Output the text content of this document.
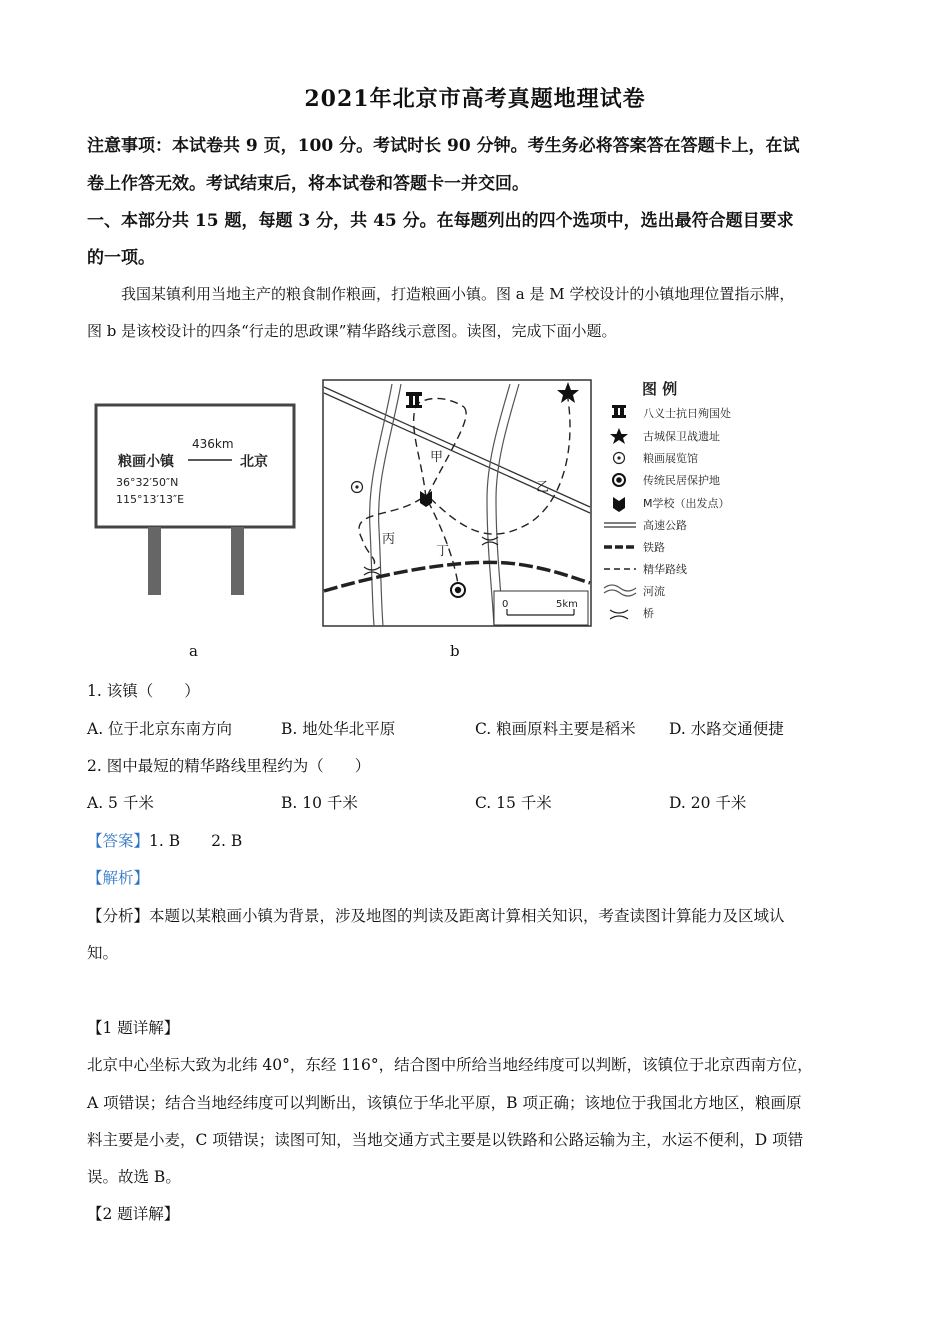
2021年北京市高考真题地理试卷
注意事项：本试卷共 9 页，100 分。考试时长 90 分钟。考生务必将答案答在答题卡上，在试
卷上作答无效。考试结束后，将本试卷和答题卡一并交回。
一、本部分共 15 题，每题 3 分，共 45 分。在每题列出的四个选项中，选出最符合题目要求
的一项。
我国某镇利用当地主产的粮食制作粮画，打造粮画小镇。图 a 是 M 学校设计的小镇地理位置指示牌，
图 b 是该校设计的四条“行走的思政课”精华路线示意图。读图，完成下面小题。
粮画小镇
436km
北京
36°32′50″N
115°13′13″E
a
甲
乙
丙
丁
0	5km
b
图 例
八义士抗日殉国处
古城保卫战遗址
粮画展览馆
传统民居保护地
M学校（出发点）
高速公路
铁路
精华路线
河流
桥
1. 该镇（　　）
A. 位于北京东南方向	B. 地处华北平原	C. 粮画原料主要是稻米 D. 水路交通便捷
2. 图中最短的精华路线里程约为（　　）
A. 5 千米	B. 10 千米	C. 15 千米	D. 20 千米
【答案】1. B　　2. B
【解析】
【分析】本题以某粮画小镇为背景，涉及地图的判读及距离计算相关知识，考查读图计算能力及区域认
知。
【1 题详解】
北京中心坐标大致为北纬 40°，东经 116°，结合图中所给当地经纬度可以判断，该镇位于北京西南方位，
A 项错误；结合当地经纬度可以判断出，该镇位于华北平原，B 项正确；该地位于我国北方地区，粮画原
料主要是小麦，C 项错误；读图可知，当地交通方式主要是以铁路和公路运输为主，水运不便利，D 项错
误。故选 B。
【2 题详解】
